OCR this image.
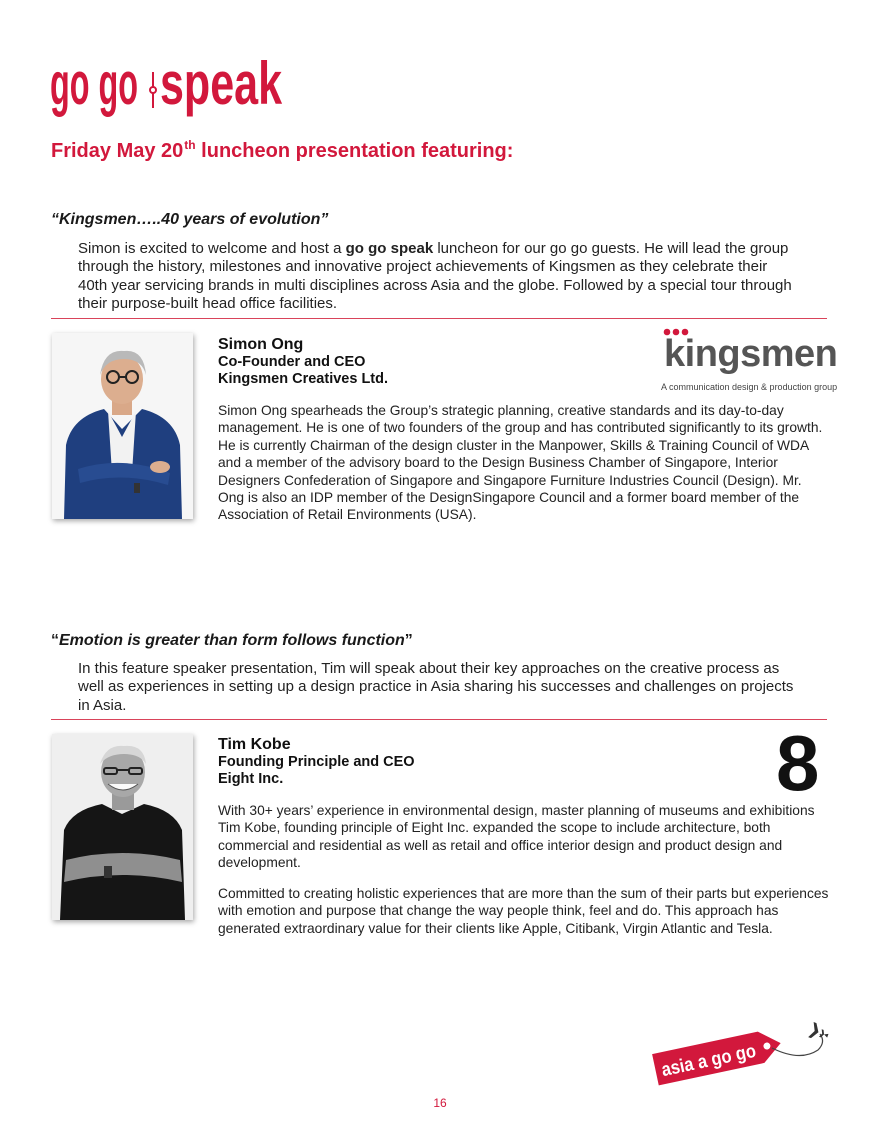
go go speak
Friday May 20th luncheon presentation featuring:
“Kingsmen…..40 years of evolution”
Simon is excited to welcome and host a go go speak luncheon for our go go guests. He will lead the group through the history, milestones and innovative project achievements of Kingsmen as they celebrate their 40th year servicing brands in multi disciplines across Asia and the globe. Followed by a special tour through their purpose-built head office facilities.
Simon Ong
Co-Founder and CEO
Kingsmen Creatives Ltd.
kingsmen
A communication design & production group

Simon Ong spearheads the Group’s strategic planning, creative standards and its day-to-day management. He is one of two founders of the group and has contributed significantly to its growth. He is currently Chairman of the design cluster in the Manpower, Skills & Training Council of WDA and a member of the advisory board to the Design Business Chamber of Singapore, Interior Designers Confederation of Singapore and Singapore Furniture Industries Council (Design). Mr. Ong is also an IDP member of the DesignSingapore Council and a former board member of the Association of Retail Environments (USA).

“Emotion is greater than form follows function”
In this feature speaker presentation, Tim will speak about their key approaches on the creative process as well as experiences in setting up a design practice in Asia sharing his successes and challenges on projects in Asia.
Tim Kobe
Founding Principle and CEO
Eight Inc.	8

With 30+ years’ experience in environmental design, master planning of museums and exhibitions Tim Kobe, founding principle of Eight Inc. expanded the scope to include architecture, both commercial and residential as well as retail and office interior design and product design and development.

Committed to creating holistic experiences that are more than the sum of their parts but experiences with emotion and purpose that change the way people think, feel and do. This approach has generated extraordinary value for their clients like Apple, Citibank, Virgin Atlantic and Tesla.

asia a go go
16
